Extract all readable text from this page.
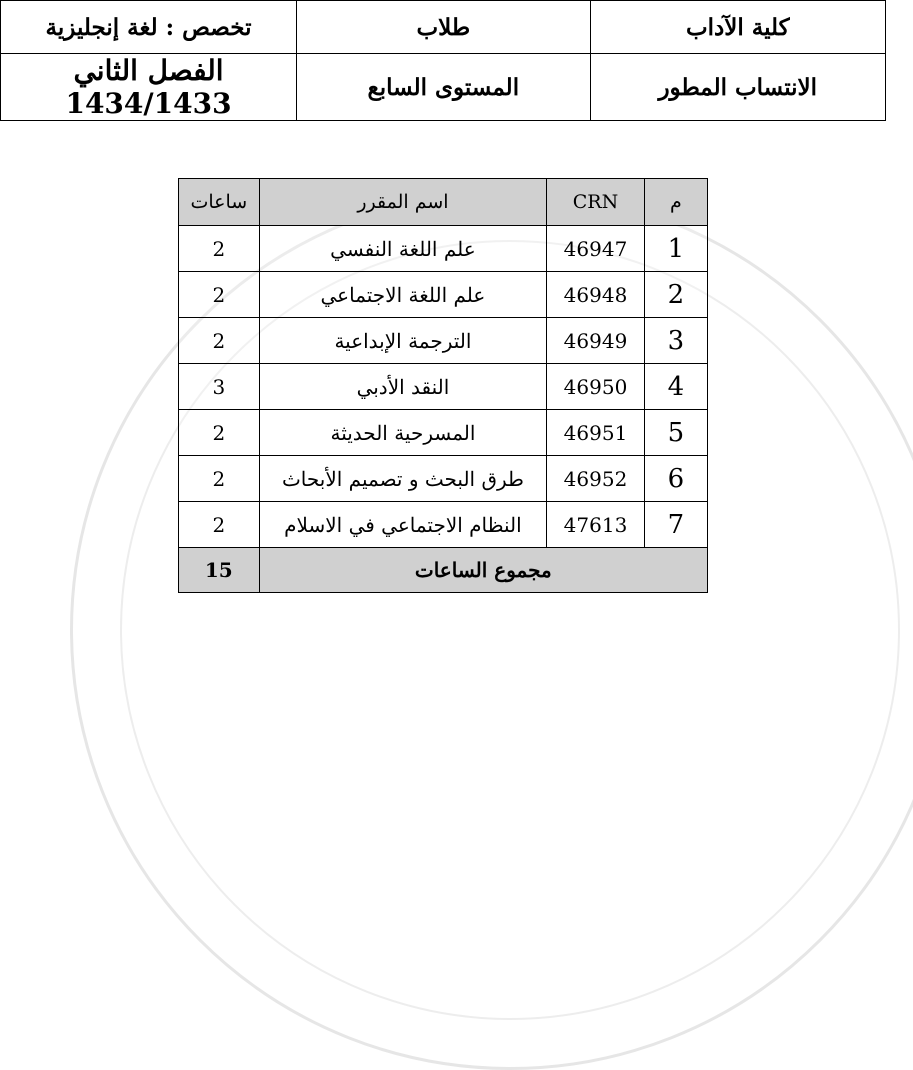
تخصص : لغة إنجليزية	طلاب	كلية الآداب
الفصل الثاني 1434/1433	المستوى السابع	الانتساب المطور
ساعات	اسم المقرر	CRN	م
2	علم اللغة النفسي	46947	1
2	علم اللغة الاجتماعي	46948	2
2	الترجمة الإبداعية	46949	3
3	النقد الأدبي	46950	4
2	المسرحية الحديثة	46951	5
2	طرق البحث و تصميم الأبحاث	46952	6
2	النظام الاجتماعي في الاسلام	47613	7
15	مجموع الساعات		
